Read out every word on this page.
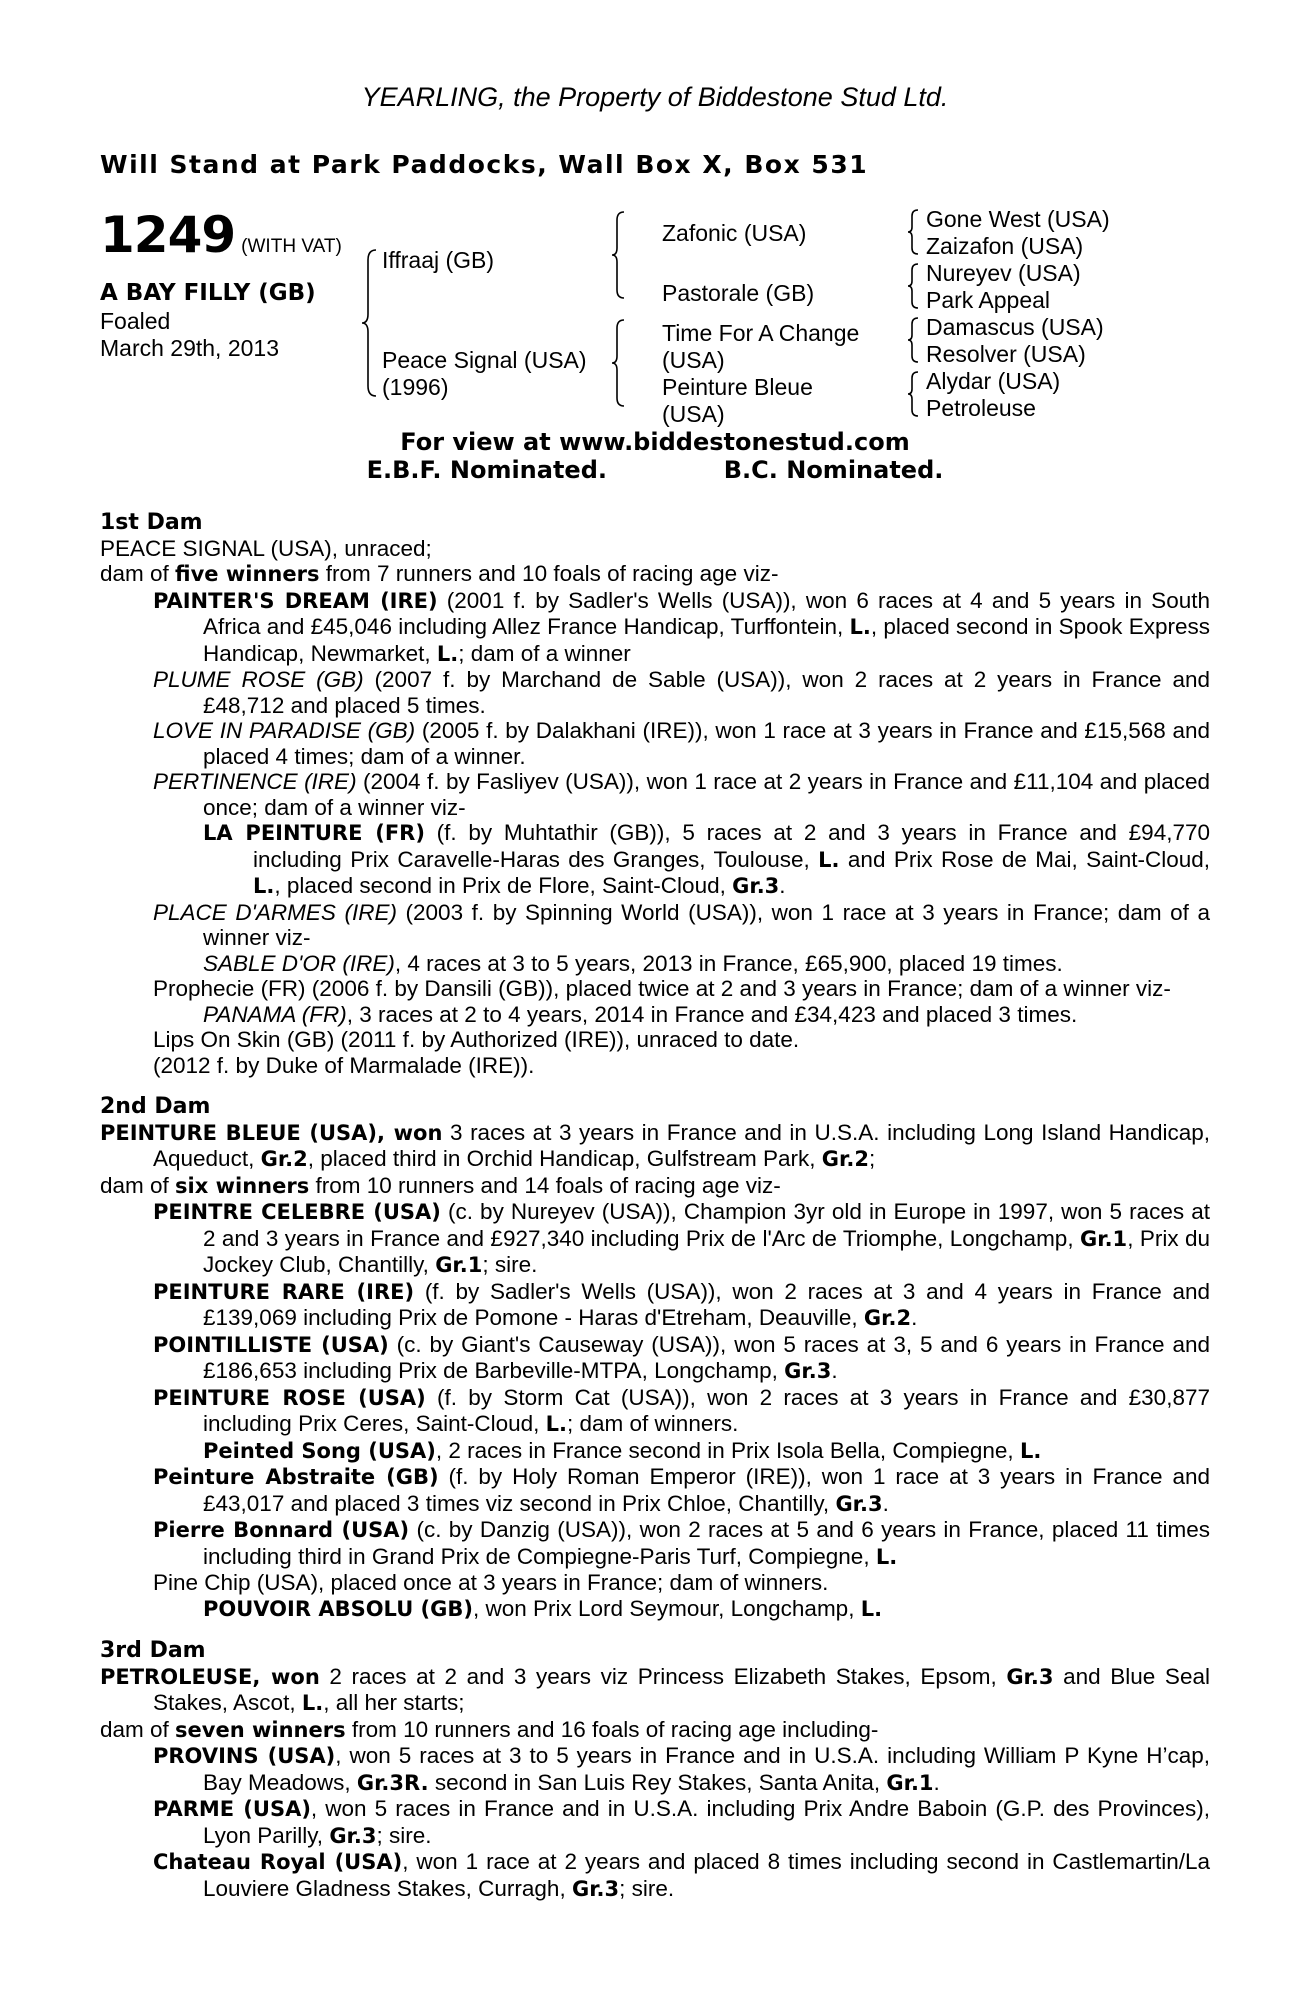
YEARLING, the Property of Biddestone Stud Ltd.
Will Stand at Park Paddocks, Wall Box X, Box 531
1249 (WITH VAT)
A BAY FILLY (GB)
Foaled
March 29th, 2013
Iffraaj (GB)
Peace Signal (USA)
(1996)
Zafonic (USA)
Pastorale (GB)
Time For A Change
(USA)
Peinture Bleue
(USA)
Gone West (USA)
Zaizafon (USA)
Nureyev (USA)
Park Appeal
Damascus (USA)
Resolver (USA)
Alydar (USA)
Petroleuse
For view at www.biddestonestud.com
E.B.F. Nominated.	B.C. Nominated.
1st Dam
PEACE SIGNAL (USA), unraced;
dam of five winners from 7 runners and 10 foals of racing age viz-
PAINTER'S DREAM (IRE) (2001 f. by Sadler's Wells (USA)), won 6 races at 4 and 5 years in South Africa and £45,046 including Allez France Handicap, Turffontein, L., placed second in Spook Express Handicap, Newmarket, L.; dam of a winner
PLUME ROSE (GB) (2007 f. by Marchand de Sable (USA)), won 2 races at 2 years in France and £48,712 and placed 5 times.
LOVE IN PARADISE (GB) (2005 f. by Dalakhani (IRE)), won 1 race at 3 years in France and £15,568 and placed 4 times; dam of a winner.
PERTINENCE (IRE) (2004 f. by Fasliyev (USA)), won 1 race at 2 years in France and £11,104 and placed once; dam of a winner viz-
LA PEINTURE (FR) (f. by Muhtathir (GB)), 5 races at 2 and 3 years in France and £94,770 including Prix Caravelle-Haras des Granges, Toulouse, L. and Prix Rose de Mai, Saint-Cloud, L., placed second in Prix de Flore, Saint-Cloud, Gr.3.
PLACE D'ARMES (IRE) (2003 f. by Spinning World (USA)), won 1 race at 3 years in France; dam of a winner viz-
SABLE D'OR (IRE), 4 races at 3 to 5 years, 2013 in France, £65,900, placed 19 times.
Prophecie (FR) (2006 f. by Dansili (GB)), placed twice at 2 and 3 years in France; dam of a winner viz-
PANAMA (FR), 3 races at 2 to 4 years, 2014 in France and £34,423 and placed 3 times.
Lips On Skin (GB) (2011 f. by Authorized (IRE)), unraced to date.
(2012 f. by Duke of Marmalade (IRE)).
2nd Dam
PEINTURE BLEUE (USA), won 3 races at 3 years in France and in U.S.A. including Long Island Handicap, Aqueduct, Gr.2, placed third in Orchid Handicap, Gulfstream Park, Gr.2;
dam of six winners from 10 runners and 14 foals of racing age viz-
PEINTRE CELEBRE (USA) (c. by Nureyev (USA)), Champion 3yr old in Europe in 1997, won 5 races at 2 and 3 years in France and £927,340 including Prix de l'Arc de Triomphe, Longchamp, Gr.1, Prix du Jockey Club, Chantilly, Gr.1; sire.
PEINTURE RARE (IRE) (f. by Sadler's Wells (USA)), won 2 races at 3 and 4 years in France and £139,069 including Prix de Pomone - Haras d'Etreham, Deauville, Gr.2.
POINTILLISTE (USA) (c. by Giant's Causeway (USA)), won 5 races at 3, 5 and 6 years in France and £186,653 including Prix de Barbeville-MTPA, Longchamp, Gr.3.
PEINTURE ROSE (USA) (f. by Storm Cat (USA)), won 2 races at 3 years in France and £30,877 including Prix Ceres, Saint-Cloud, L.; dam of winners.
Peinted Song (USA), 2 races in France second in Prix Isola Bella, Compiegne, L.
Peinture Abstraite (GB) (f. by Holy Roman Emperor (IRE)), won 1 race at 3 years in France and £43,017 and placed 3 times viz second in Prix Chloe, Chantilly, Gr.3.
Pierre Bonnard (USA) (c. by Danzig (USA)), won 2 races at 5 and 6 years in France, placed 11 times including third in Grand Prix de Compiegne-Paris Turf, Compiegne, L.
Pine Chip (USA), placed once at 3 years in France; dam of winners.
POUVOIR ABSOLU (GB), won Prix Lord Seymour, Longchamp, L.
3rd Dam
PETROLEUSE, won 2 races at 2 and 3 years viz Princess Elizabeth Stakes, Epsom, Gr.3 and Blue Seal Stakes, Ascot, L., all her starts;
dam of seven winners from 10 runners and 16 foals of racing age including-
PROVINS (USA), won 5 races at 3 to 5 years in France and in U.S.A. including William P Kyne H’cap, Bay Meadows, Gr.3R. second in San Luis Rey Stakes, Santa Anita, Gr.1.
PARME (USA), won 5 races in France and in U.S.A. including Prix Andre Baboin (G.P. des Provinces), Lyon Parilly, Gr.3; sire.
Chateau Royal (USA), won 1 race at 2 years and placed 8 times including second in Castlemartin/La Louviere Gladness Stakes, Curragh, Gr.3; sire.
